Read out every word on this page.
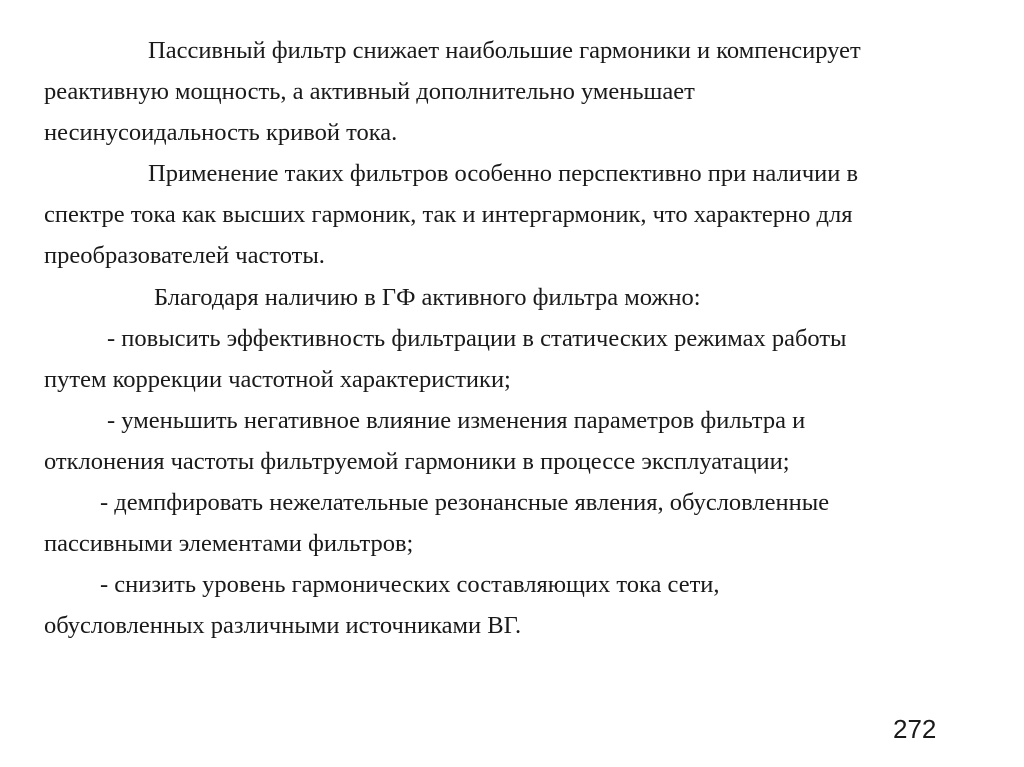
Пассивный фильтр снижает наибольшие гармоники и компенсирует
реактивную мощность, а активный дополнительно уменьшает
несинусоидальность кривой тока.
Применение таких фильтров особенно перспективно при наличии в
спектре тока как высших гармоник, так и интергармоник, что характерно для
преобразователей частоты.
Благодаря наличию в ГФ активного фильтра можно:
- повысить эффективность фильтрации в статических режимах работы
путем коррекции частотной характеристики;
- уменьшить негативное влияние изменения параметров фильтра и
отклонения частоты фильтруемой гармоники в процессе эксплуатации;
- демпфировать нежелательные резонансные явления, обусловленные
пассивными элементами фильтров;
- снизить уровень гармонических составляющих тока сети,
обусловленных различными источниками ВГ.
272
